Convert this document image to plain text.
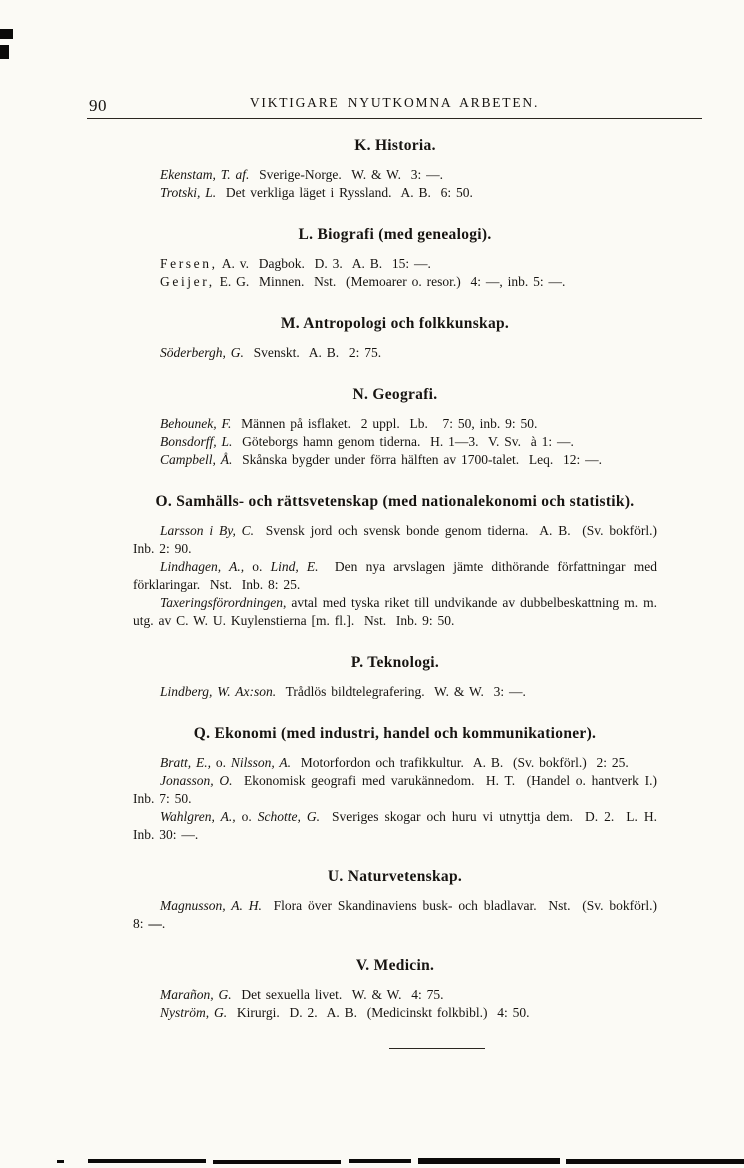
90	VIKTIGARE NYUTKOMNA ARBETEN.
K. Historia.

Ekenstam, T. af.  Sverige-Norge.  W. & W.  3: —.

Trotski, L.  Det verkliga läget i Ryssland.  A. B.  6: 50.

L. Biografi (med genealogi).

Fersen, A. v.  Dagbok.  D. 3.  A. B.  15: —.

Geijer, E. G.  Minnen.  Nst.  (Memoarer o. resor.)  4: —, inb. 5: —.

M. Antropologi och folkkunskap.

Söderbergh, G.  Svenskt.  A. B.  2: 75.

N. Geografi.

Behounek, F.  Männen på isflaket.  2 uppl.  Lb.   7: 50, inb. 9: 50.

Bonsdorff, L.  Göteborgs hamn genom tiderna.  H. 1—3.  V. Sv.  à 1: —.

Campbell, Å.  Skånska bygder under förra hälften av 1700-talet.  Leq.  12: —.

O. Samhälls- och rättsvetenskap (med nationalekonomi och statistik).

Larsson i By, C.  Svensk jord och svensk bonde genom tiderna.  A. B.  (Sv. bokförl.) Inb. 2: 90.

Lindhagen, A., o. Lind, E.  Den nya arvslagen jämte dithörande författningar med förklaringar.  Nst.  Inb. 8: 25.

Taxeringsförordningen, avtal med tyska riket till undvikande av dubbelbeskattning m. m. utg. av C. W. U. Kuylenstierna [m. fl.].  Nst.  Inb. 9: 50.

P. Teknologi.

Lindberg, W. Ax:son.  Trådlös bildtelegrafering.  W. & W.  3: —.

Q. Ekonomi (med industri, handel och kommunikationer).

Bratt, E., o. Nilsson, A.  Motorfordon och trafikkultur.  A. B.  (Sv. bokförl.)  2: 25.

Jonasson, O.  Ekonomisk geografi med varukännedom.  H. T.  (Handel o. hantverk I.) Inb. 7: 50.

Wahlgren, A., o. Schotte, G.  Sveriges skogar och huru vi utnyttja dem.  D. 2.  L. H. Inb. 30: —.

U. Naturvetenskap.

Magnusson, A. H.  Flora över Skandinaviens busk- och bladlavar.  Nst.  (Sv. bokförl.)  8: —.

V. Medicin.

Marañon, G.  Det sexuella livet.  W. & W.  4: 75.

Nyström, G.  Kirurgi.  D. 2.  A. B.  (Medicinskt folkbibl.)  4: 50.
